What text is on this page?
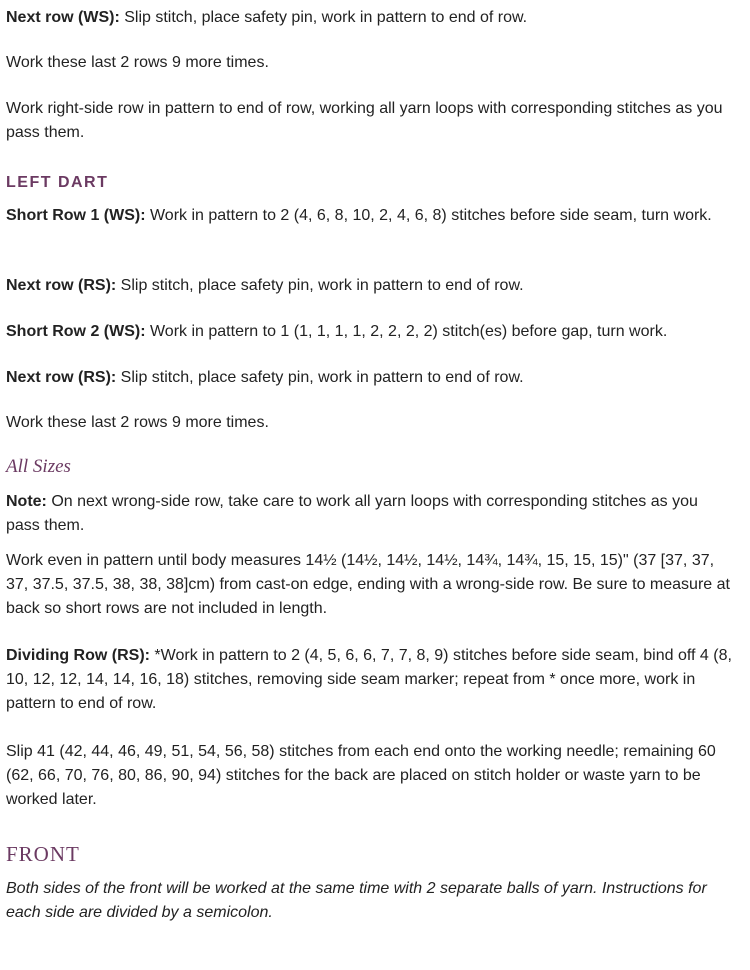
Next row (WS): Slip stitch, place safety pin, work in pattern to end of row.

Work these last 2 rows 9 more times.

Work right-side row in pattern to end of row, working all yarn loops with corresponding stitches as you pass them.

LEFT DART

Short Row 1 (WS): Work in pattern to 2 (4, 6, 8, 10, 2, 4, 6, 8) stitches before side seam, turn work.

Next row (RS): Slip stitch, place safety pin, work in pattern to end of row.

Short Row 2 (WS): Work in pattern to 1 (1, 1, 1, 1, 2, 2, 2, 2) stitch(es) before gap, turn work.

Next row (RS): Slip stitch, place safety pin, work in pattern to end of row.

Work these last 2 rows 9 more times.

All Sizes

Note: On next wrong-side row, take care to work all yarn loops with corresponding stitches as you pass them.

Work even in pattern until body measures 14½ (14½, 14½, 14½, 14¾, 14¾, 15, 15, 15)" (37 [37, 37, 37, 37.5, 37.5, 38, 38, 38]cm) from cast-on edge, ending with a wrong-side row. Be sure to measure at back so short rows are not included in length.

Dividing Row (RS): *Work in pattern to 2 (4, 5, 6, 6, 7, 7, 8, 9) stitches before side seam, bind off 4 (8, 10, 12, 12, 14, 14, 16, 18) stitches, removing side seam marker; repeat from * once more, work in pattern to end of row.

Slip 41 (42, 44, 46, 49, 51, 54, 56, 58) stitches from each end onto the working needle; remaining 60 (62, 66, 70, 76, 80, 86, 90, 94) stitches for the back are placed on stitch holder or waste yarn to be worked later.

FRONT

Both sides of the front will be worked at the same time with 2 separate balls of yarn. Instructions for each side are divided by a semicolon.
